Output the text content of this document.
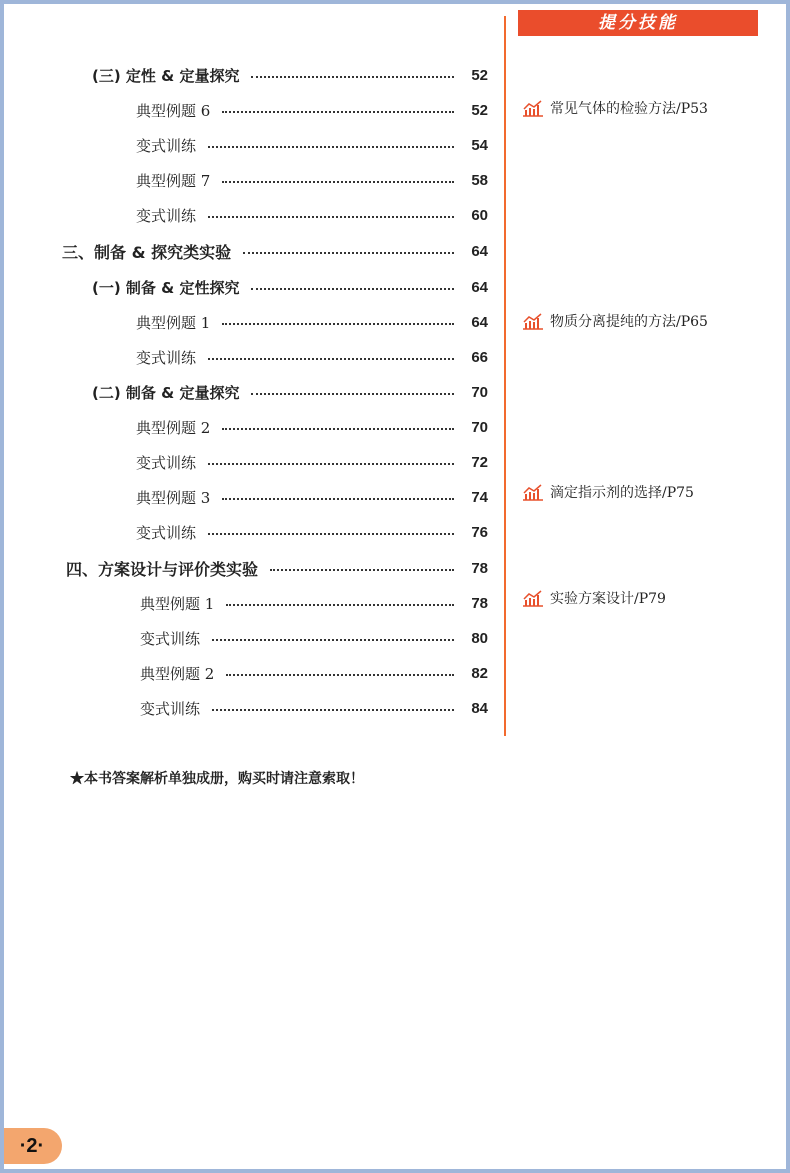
提分技能
(三) 定性 & 定量探究	52
典型例题 6	52
变式训练	54
典型例题 7	58
变式训练	60
三、制备 & 探究类实验	64
(一) 制备 & 定性探究	64
典型例题 1	64
变式训练	66
(二) 制备 & 定量探究	70
典型例题 2	70
变式训练	72
典型例题 3	74
变式训练	76
四、方案设计与评价类实验	78
典型例题 1	78
变式训练	80
典型例题 2	82
变式训练	84
常见气体的检验方法/P53
物质分离提纯的方法/P65
滴定指示剂的选择/P75
实验方案设计/P79
★本书答案解析单独成册，购买时请注意索取！
·2·
